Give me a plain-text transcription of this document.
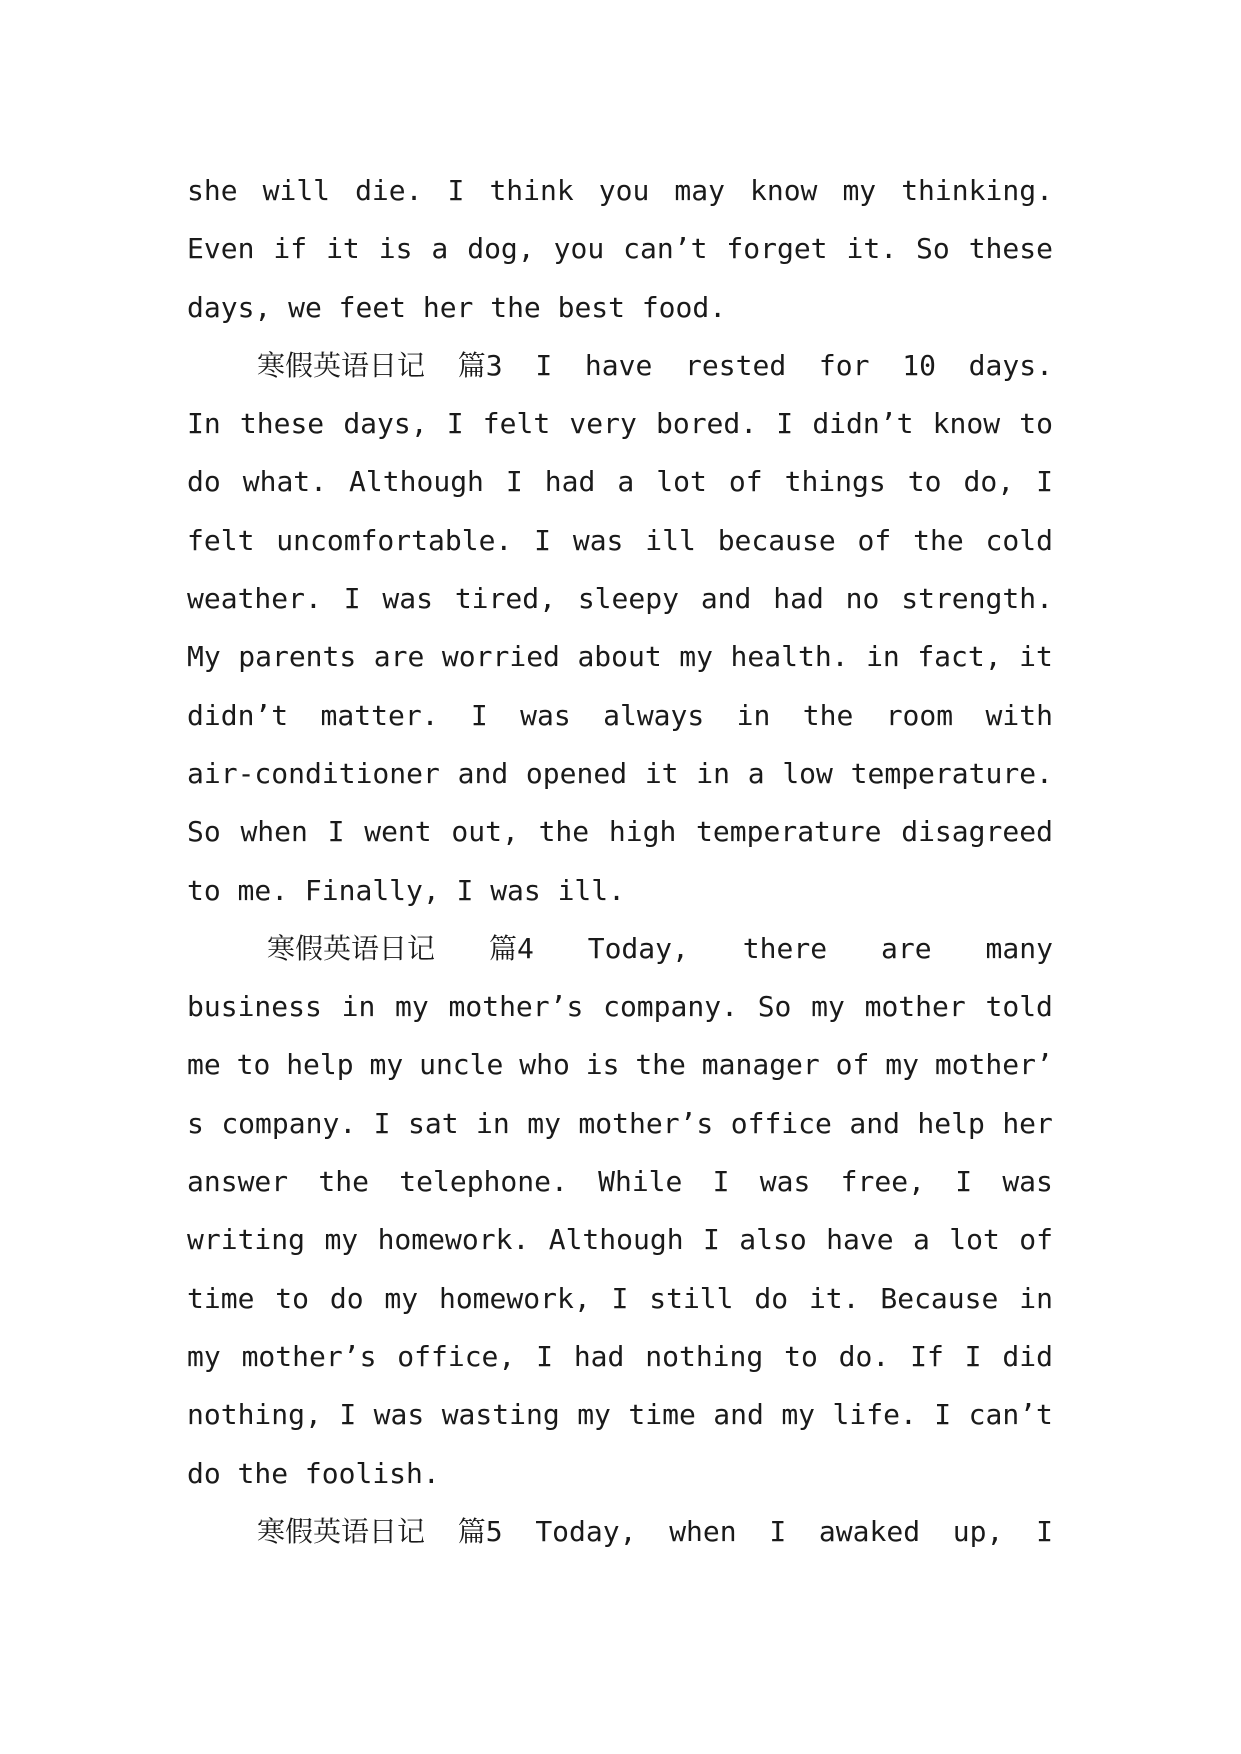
she will die. I think you may know my thinking.
Even if it is a dog, you can’t forget it. So these
days, we feet her the best food.
寒假英语日记 篇3 I have rested for 10 days.
In these days, I felt very bored. I didn’t know to
do what. Although I had a lot of things to do, I
felt uncomfortable. I was ill because of the cold
weather. I was tired, sleepy and had no strength.
My parents are worried about my health. in fact, it
didn’t matter. I was always in the room with
air-conditioner and opened it in a low temperature.
So when I went out, the high temperature disagreed
to me. Finally, I was ill.
寒假英语日记 篇4 Today, there are many
business in my mother’s company. So my mother told
me to help my uncle who is the manager of my mother’
s company. I sat in my mother’s office and help her
answer the telephone. While I was free, I was
writing my homework. Although I also have a lot of
time to do my homework, I still do it. Because in
my mother’s office, I had nothing to do. If I did
nothing, I was wasting my time and my life. I can’t
do the foolish.
寒假英语日记 篇5 Today, when I awaked up, I
